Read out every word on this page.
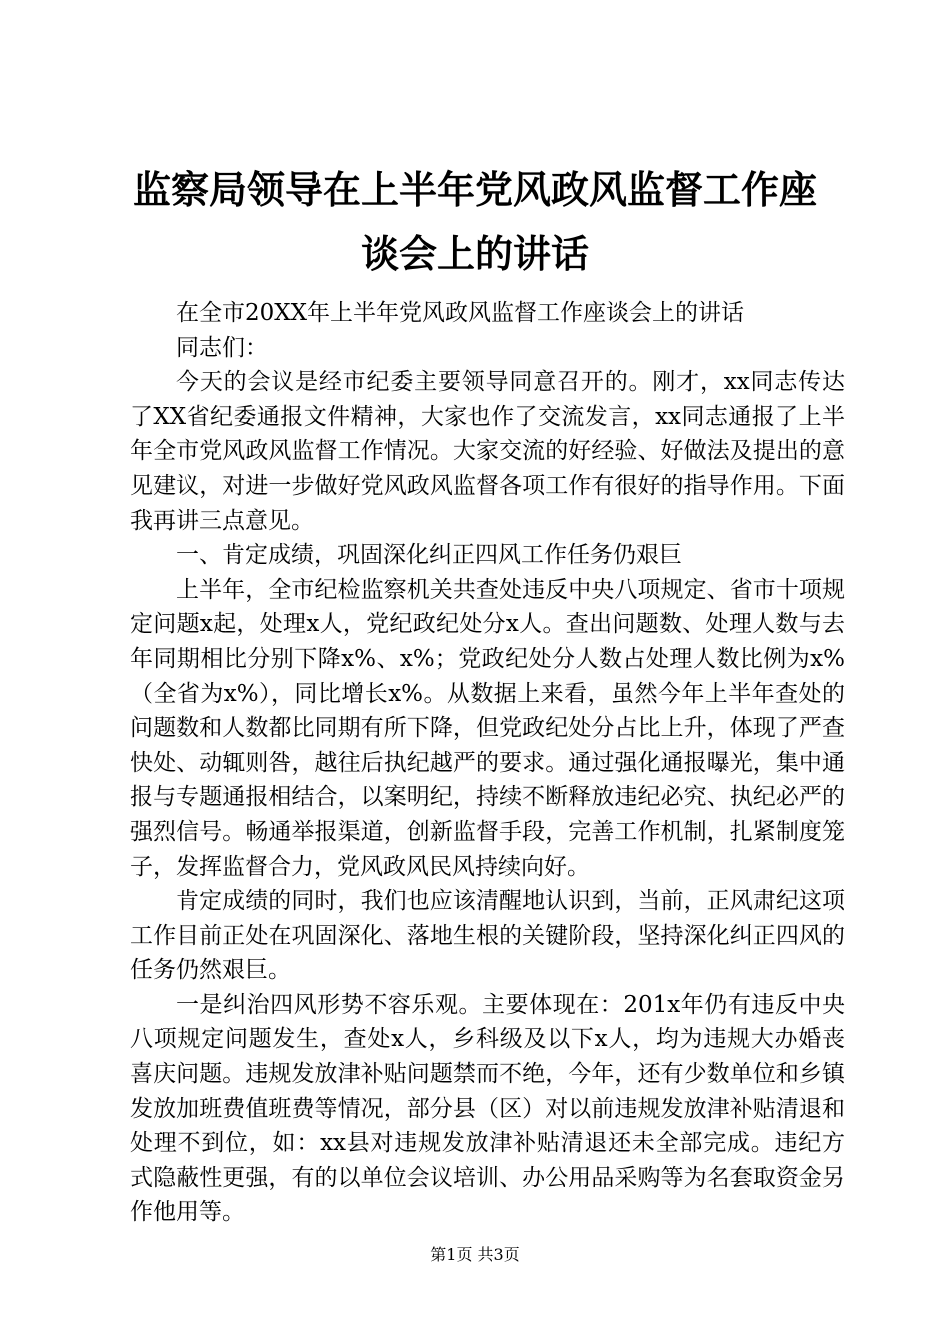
监察局领导在上半年党风政风监督工作座谈会上的讲话

在全市20XX年上半年党风政风监督工作座谈会上的讲话

同志们：

今天的会议是经市纪委主要领导同意召开的。刚才，xx同志传达了XX省纪委通报文件精神，大家也作了交流发言，xx同志通报了上半年全市党风政风监督工作情况。大家交流的好经验、好做法及提出的意见建议，对进一步做好党风政风监督各项工作有很好的指导作用。下面我再讲三点意见。

一、肯定成绩，巩固深化纠正四风工作任务仍艰巨

上半年，全市纪检监察机关共查处违反中央八项规定、省市十项规定问题x起，处理x人，党纪政纪处分x人。查出问题数、处理人数与去年同期相比分别下降x%、x%；党政纪处分人数占处理人数比例为x%（全省为x%），同比增长x%。从数据上来看，虽然今年上半年查处的问题数和人数都比同期有所下降，但党政纪处分占比上升，体现了严查快处、动辄则咎，越往后执纪越严的要求。通过强化通报曝光，集中通报与专题通报相结合，以案明纪，持续不断释放违纪必究、执纪必严的强烈信号。畅通举报渠道，创新监督手段，完善工作机制，扎紧制度笼子，发挥监督合力，党风政风民风持续向好。

肯定成绩的同时，我们也应该清醒地认识到，当前，正风肃纪这项工作目前正处在巩固深化、落地生根的关键阶段，坚持深化纠正四风的任务仍然艰巨。

一是纠治四风形势不容乐观。主要体现在：201x年仍有违反中央八项规定问题发生，查处x人，乡科级及以下x人，均为违规大办婚丧喜庆问题。违规发放津补贴问题禁而不绝，今年，还有少数单位和乡镇发放加班费值班费等情况，部分县（区）对以前违规发放津补贴清退和处理不到位，如：xx县对违规发放津补贴清退还未全部完成。违纪方式隐蔽性更强，有的以单位会议培训、办公用品采购等为名套取资金另作他用等。

第1页 共3页
